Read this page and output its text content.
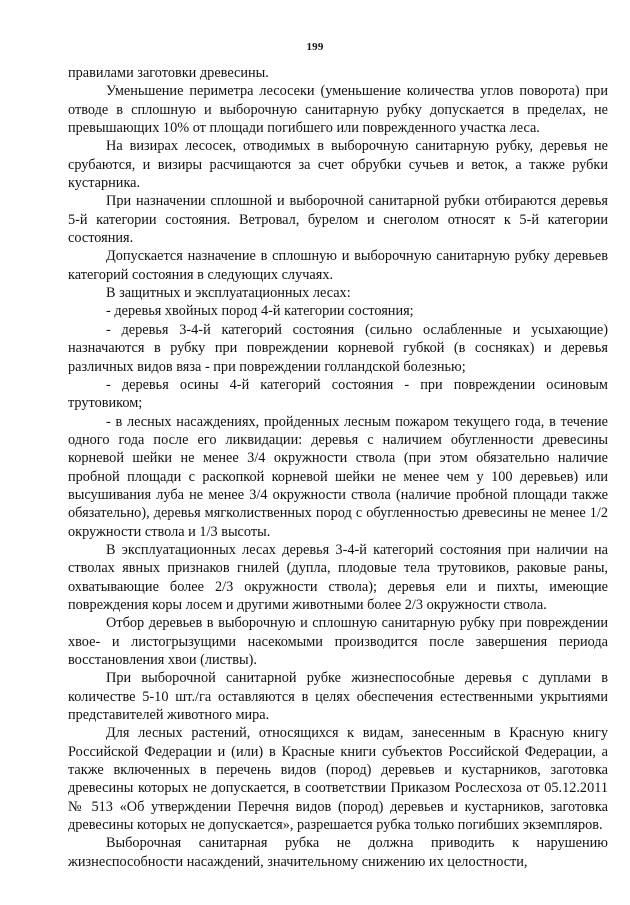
199

правилами заготовки древесины.

Уменьшение периметра лесосеки (уменьшение количества углов поворота) при отводе в сплошную и выборочную санитарную рубку допускается в пределах, не превышающих 10% от площади погибшего или поврежденного участка леса.

На визирах лесосек, отводимых в выборочную санитарную рубку, деревья не срубаются, и визиры расчищаются за счет обрубки сучьев и веток, а также рубки кустарника.

При назначении сплошной и выборочной санитарной рубки отбираются деревья 5-й категории состояния. Ветровал, бурелом и снеголом относят к 5-й категории состояния.

Допускается назначение в сплошную и выборочную санитарную рубку деревьев категорий состояния в следующих случаях.

В защитных и эксплуатационных лесах:

- деревья хвойных пород 4-й категории состояния;

- деревья 3-4-й категорий состояния (сильно ослабленные и усыхающие) назначаются в рубку при повреждении корневой губкой (в сосняках) и деревья различных видов вяза - при повреждении голландской болезнью;

- деревья осины 4-й категорий состояния - при повреждении осиновым трутовиком;

- в лесных насаждениях, пройденных лесным пожаром текущего года, в течение одного года после его ликвидации: деревья с наличием обугленности древесины корневой шейки не менее 3/4 окружности ствола (при этом обязательно наличие пробной площади с раскопкой корневой шейки не менее чем у 100 деревьев) или высушивания луба не менее 3/4 окружности ствола (наличие пробной площади также обязательно), деревья мягколиственных пород с обугленностью древесины не менее 1/2 окружности ствола и 1/3 высоты.

В эксплуатационных лесах деревья 3-4-й категорий состояния при наличии на стволах явных признаков гнилей (дупла, плодовые тела трутовиков, раковые раны, охватывающие более 2/3 окружности ствола); деревья ели и пихты, имеющие повреждения коры лосем и другими животными более 2/3 окружности ствола.

Отбор деревьев в выборочную и сплошную санитарную рубку при повреждении хвое- и листогрызущими насекомыми производится после завершения периода восстановления хвои (листвы).

При выборочной санитарной рубке жизнеспособные деревья с дуплами в количестве 5-10 шт./га оставляются в целях обеспечения естественными укрытиями представителей животного мира.

Для лесных растений, относящихся к видам, занесенным в Красную книгу Российской Федерации и (или) в Красные книги субъектов Российской Федерации, а также включенных в перечень видов (пород) деревьев и кустарников, заготовка древесины которых не допускается, в соответствии Приказом Рослесхоза от 05.12.2011 № 513 «Об утверждении Перечня видов (пород) деревьев и кустарников, заготовка древесины которых не допускается», разрешается рубка только погибших экземпляров.

Выборочная санитарная рубка не должна приводить к нарушению жизнеспособности насаждений, значительному снижению их целостности,
